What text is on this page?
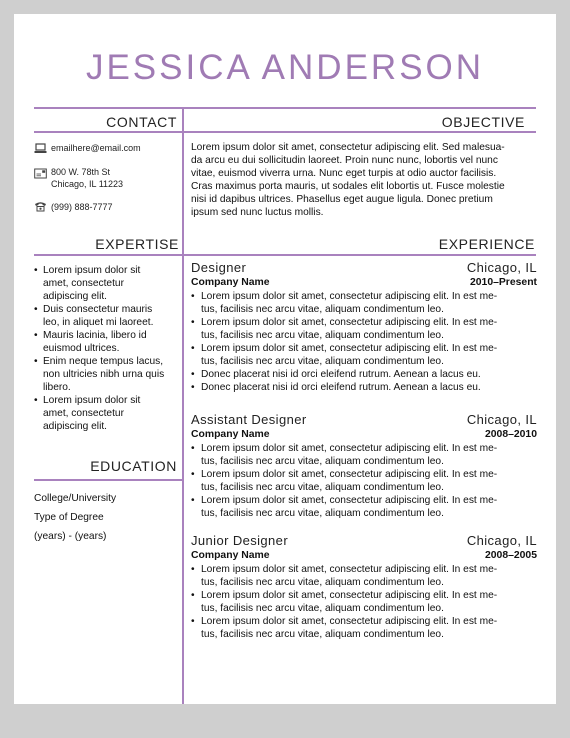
JESSICA ANDERSON
CONTACT	OBJECTIVE
EXPERTISE	EXPERIENCE
EDUCATION
emailhere@email.com
800 W. 78th St
Chicago, IL 11223
(999) 888-7777
Lorem ipsum dolor sit amet, consectetur adipiscing elit. Sed malesua-
da arcu eu dui sollicitudin laoreet. Proin nunc nunc, lobortis vel nunc
vitae, euismod viverra urna. Nunc eget turpis at odio auctor facilisis.
Cras maximus porta mauris, ut sodales elit lobortis ut. Fusce molestie
nisi id dapibus ultrices. Phasellus eget augue ligula. Donec pretium
ipsum sed nunc luctus mollis.
• Lorem ipsum dolor sit
amet, consectetur
adipiscing elit.
• Duis consectetur mauris
leo, in aliquet mi laoreet.
• Mauris lacinia, libero id
euismod ultrices.
• Enim neque tempus lacus,
non ultricies nibh urna quis
libero.
• Lorem ipsum dolor sit
amet, consectetur
adipiscing elit.
College/University
Type of Degree
(years) - (years)
Designer	Chicago, IL
Company Name	2010–Present
• Lorem ipsum dolor sit amet, consectetur adipiscing elit. In est me-
tus, facilisis nec arcu vitae, aliquam condimentum leo.
• Lorem ipsum dolor sit amet, consectetur adipiscing elit. In est me-
tus, facilisis nec arcu vitae, aliquam condimentum leo.
• Lorem ipsum dolor sit amet, consectetur adipiscing elit. In est me-
tus, facilisis nec arcu vitae, aliquam condimentum leo.
• Donec placerat nisi id orci eleifend rutrum. Aenean a lacus eu.
• Donec placerat nisi id orci eleifend rutrum. Aenean a lacus eu.
Assistant Designer	Chicago, IL
Company Name	2008–2010
• Lorem ipsum dolor sit amet, consectetur adipiscing elit. In est me-
tus, facilisis nec arcu vitae, aliquam condimentum leo.
• Lorem ipsum dolor sit amet, consectetur adipiscing elit. In est me-
tus, facilisis nec arcu vitae, aliquam condimentum leo.
• Lorem ipsum dolor sit amet, consectetur adipiscing elit. In est me-
tus, facilisis nec arcu vitae, aliquam condimentum leo.
Junior Designer	Chicago, IL
Company Name	2008–2005
• Lorem ipsum dolor sit amet, consectetur adipiscing elit. In est me-
tus, facilisis nec arcu vitae, aliquam condimentum leo.
• Lorem ipsum dolor sit amet, consectetur adipiscing elit. In est me-
tus, facilisis nec arcu vitae, aliquam condimentum leo.
• Lorem ipsum dolor sit amet, consectetur adipiscing elit. In est me-
tus, facilisis nec arcu vitae, aliquam condimentum leo.
